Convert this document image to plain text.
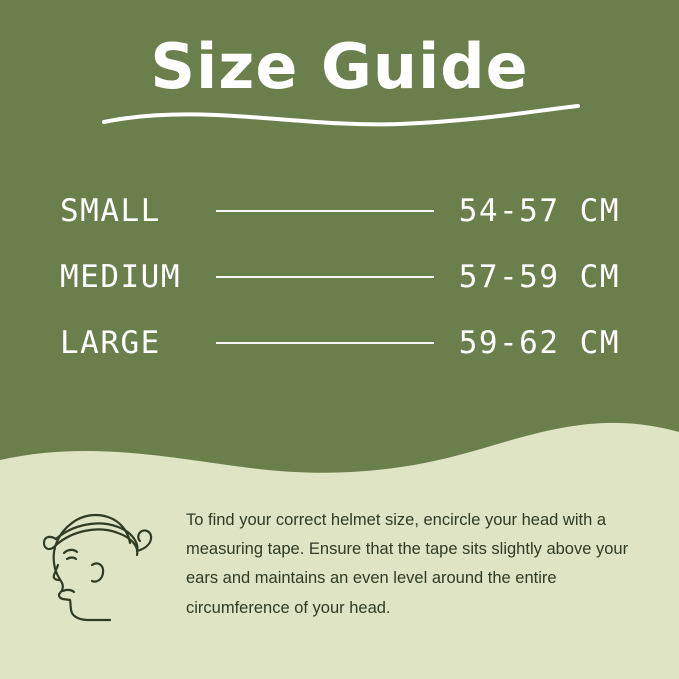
Size Guide
SMALL	54-57 CM
MEDIUM	57-59 CM
LARGE	59-62 CM

To find your correct helmet size, encircle your head with a measuring tape. Ensure that the tape sits slightly above your ears and maintains an even level around the entire circumference of your head.
